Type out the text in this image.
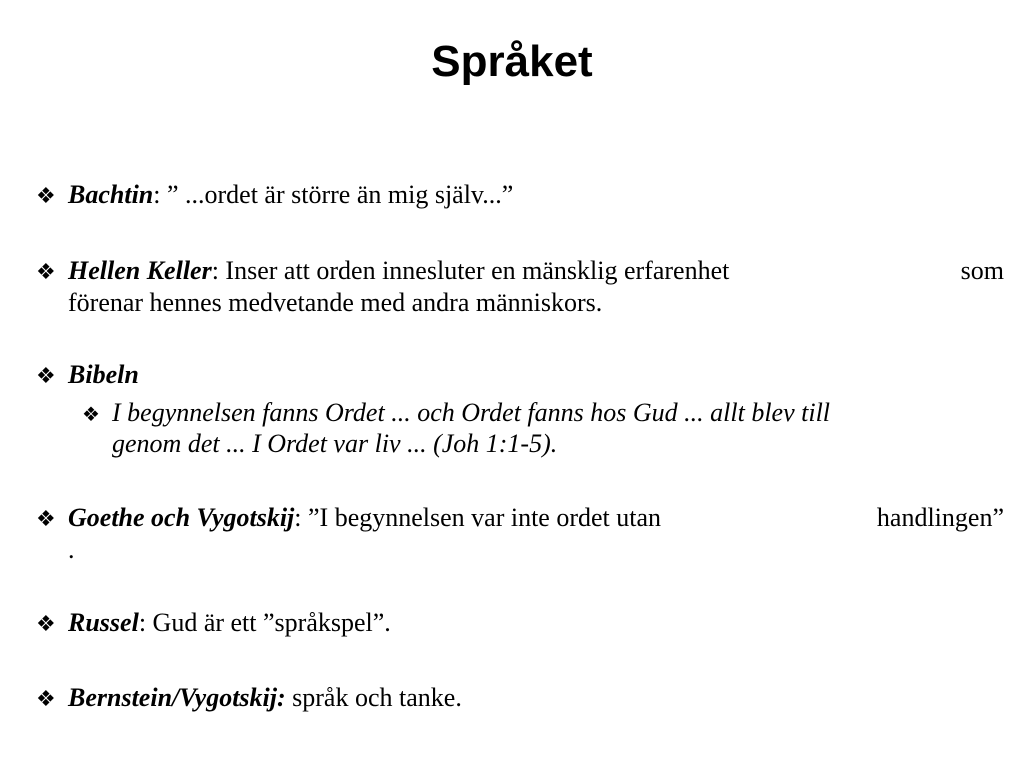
Språket
❖ Bachtin: ” ...ordet är större än mig själv...”
❖ Hellen Keller: Inser att orden innesluter en mänsklig erfarenhet	som
förenar hennes medvetande med andra människors.
❖ Bibeln
❖ I begynnelsen fanns Ordet ... och Ordet fanns hos Gud ... allt blev till
genom det ... I Ordet var liv ... (Joh 1:1-5).
❖ Goethe och Vygotskij: ”I begynnelsen var inte ordet utan	handlingen”
.
❖ Russel: Gud är ett ”språkspel”.
❖ Bernstein/Vygotskij: språk och tanke.
